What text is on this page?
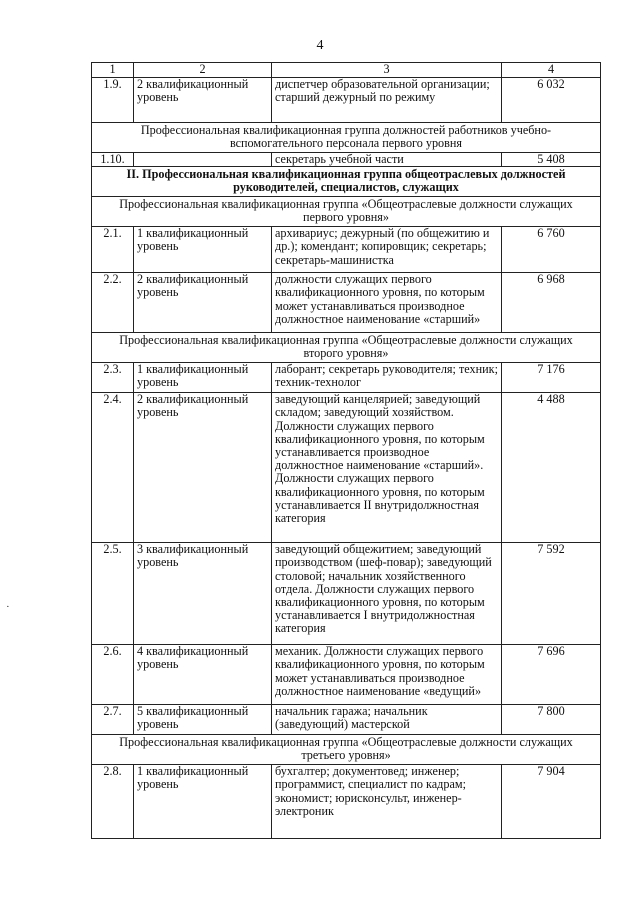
4
1	2	3	4
1.9.	2 квалификационный уровень	диспетчер образовательной организации; старший дежурный по режиму	6 032
Профессиональная квалификационная группа должностей работников учебно-вспомогательного персонала первого уровня			
1.10.		секретарь учебной части	5 408
II. Профессиональная квалификационная группа общеотраслевых должностей руководителей, специалистов, служащих			
Профессиональная квалификационная группа «Общеотраслевые должности служащих первого уровня»			
2.1.	1 квалификационный уровень	архивариус; дежурный (по общежитию и др.); комендант; копировщик; секретарь; секретарь-машинистка	6 760
2.2.	2 квалификационный уровень	должности служащих первого квалификационного уровня, по которым может устанавливаться производное должностное наименование «старший»	6 968
Профессиональная квалификационная группа «Общеотраслевые должности служащих второго уровня»			
2.3.	1 квалификационный уровень	лаборант; секретарь руководителя; техник; техник-технолог	7 176
2.4.	2 квалификационный уровень	заведующий канцелярией; заведующий складом; заведующий хозяйством. Должности служащих первого квалификационного уровня, по которым устанавливается производное должностное наименование «старший». Должности служащих первого квалификационного уровня, по которым устанавливается II внутридолжностная категория	4 488
2.5.	3 квалификационный уровень	заведующий общежитием; заведующий производством (шеф-повар); заведующий столовой; начальник хозяйственного отдела. Должности служащих первого квалификационного уровня, по которым устанавливается I внутридолжностная категория	7 592
2.6.	4 квалификационный уровень	механик. Должности служащих первого квалификационного уровня, по которым может устанавливаться производное должностное наименование «ведущий»	7 696
2.7.	5 квалификационный уровень	начальник гаража; начальник (заведующий) мастерской	7 800
Профессиональная квалификационная группа «Общеотраслевые должности служащих третьего уровня»			
2.8.	1 квалификационный уровень	бухгалтер; документовед; инженер; программист, специалист по кадрам; экономист; юрисконсульт, инженер-электроник	7 904
·
